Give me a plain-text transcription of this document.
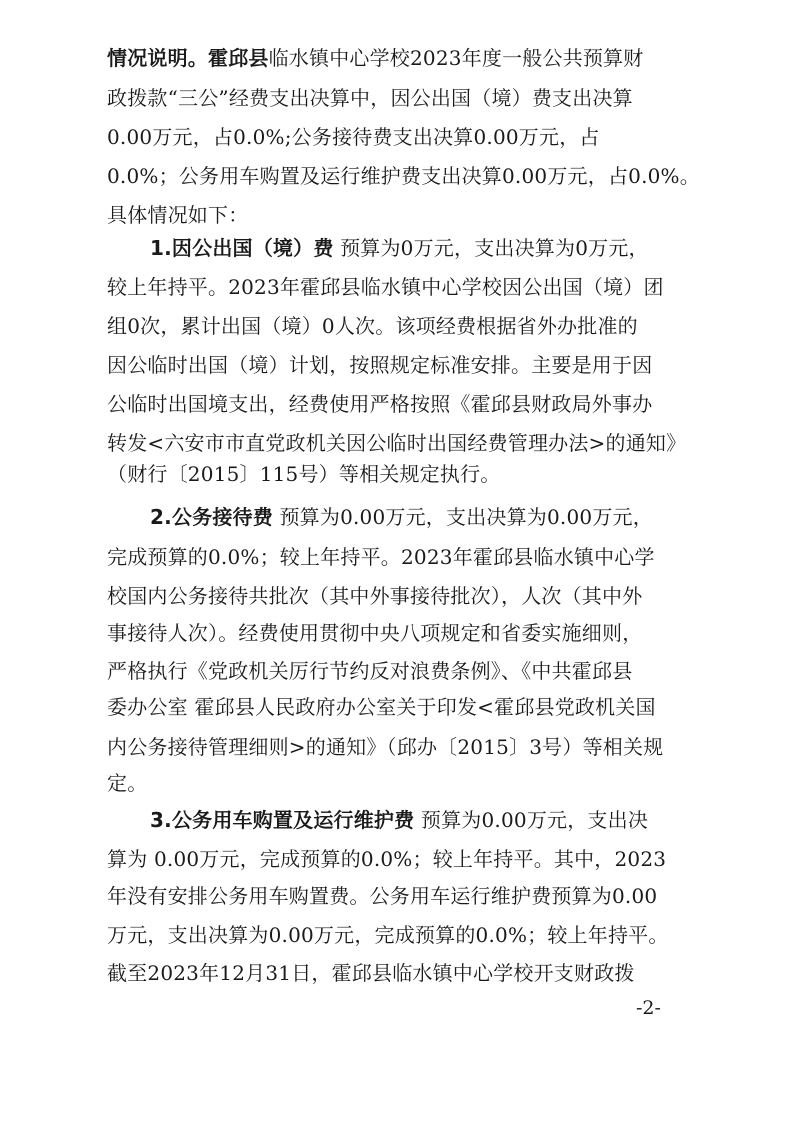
情况说明。霍邱县临水镇中心学校2023年度一般公共预算财
政拨款“三公”经费支出决算中，因公出国（境）费支出决算
0.00万元，占0.0%;公务接待费支出决算0.00万元，占
0.0%；公务用车购置及运行维护费支出决算0.00万元，占0.0%。
具体情况如下：
1.因公出国（境）费 预算为0万元，支出决算为0万元，
较上年持平。2023年霍邱县临水镇中心学校因公出国（境）团
组0次，累计出国（境）0人次。该项经费根据省外办批准的
因公临时出国（境）计划，按照规定标准安排。主要是用于因
公临时出国境支出，经费使用严格按照《霍邱县财政局外事办
转发<六安市市直党政机关因公临时出国经费管理办法>的通知》
（财行〔2015〕115号）等相关规定执行。
2.公务接待费 预算为0.00万元，支出决算为0.00万元，
完成预算的0.0%；较上年持平。2023年霍邱县临水镇中心学
校国内公务接待共批次（其中外事接待批次），人次（其中外
事接待人次）。经费使用贯彻中央八项规定和省委实施细则，
严格执行《党政机关厉行节约反对浪费条例》、《中共霍邱县
委办公室 霍邱县人民政府办公室关于印发<霍邱县党政机关国
内公务接待管理细则>的通知》（邱办〔2015〕3号）等相关规
定。
3.公务用车购置及运行维护费 预算为0.00万元，支出决
算为 0.00万元，完成预算的0.0%；较上年持平。其中，2023
年没有安排公务用车购置费。公务用车运行维护费预算为0.00
万元，支出决算为0.00万元，完成预算的0.0%；较上年持平。
截至2023年12月31日，霍邱县临水镇中心学校开支财政拨
-2-
